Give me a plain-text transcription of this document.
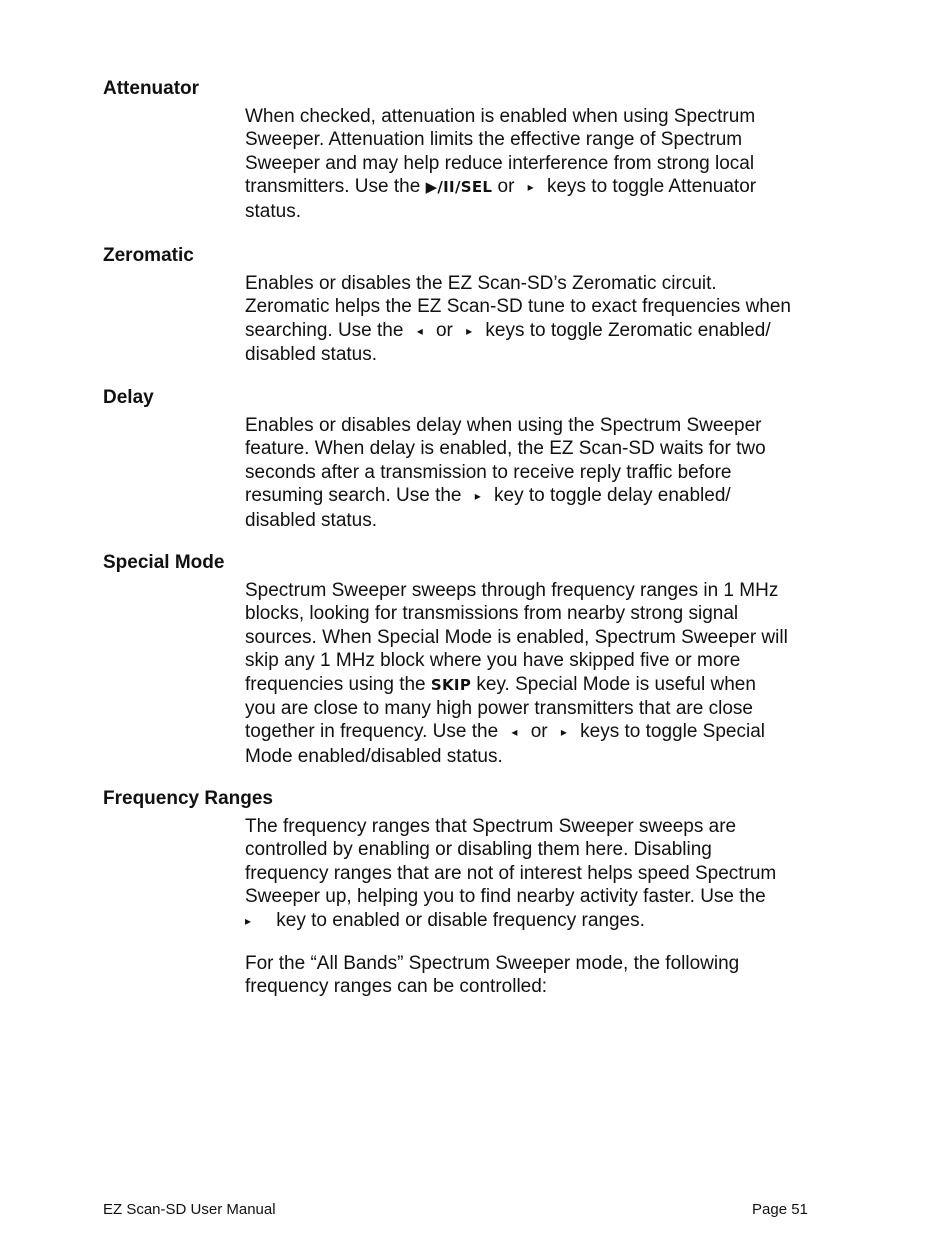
Attenuator
When checked, attenuation is enabled when using Spectrum
Sweeper. Attenuation limits the effective range of Spectrum
Sweeper and may help reduce interference from strong local
transmitters. Use the ▶/II/SEL or ▸ keys to toggle Attenuator
status.
Zeromatic
Enables or disables the EZ Scan-SD’s Zeromatic circuit.
Zeromatic helps the EZ Scan-SD tune to exact frequencies when
searching. Use the ◂ or ▸ keys to toggle Zeromatic enabled/
disabled status.
Delay
Enables or disables delay when using the Spectrum Sweeper
feature. When delay is enabled, the EZ Scan-SD waits for two
seconds after a transmission to receive reply traffic before
resuming search. Use the ▸ key to toggle delay enabled/
disabled status.
Special Mode
Spectrum Sweeper sweeps through frequency ranges in 1 MHz
blocks, looking for transmissions from nearby strong signal
sources. When Special Mode is enabled, Spectrum Sweeper will
skip any 1 MHz block where you have skipped five or more
frequencies using the SKIP key. Special Mode is useful when
you are close to many high power transmitters that are close
together in frequency. Use the ◂ or ▸ keys to toggle Special
Mode enabled/disabled status.
Frequency Ranges
The frequency ranges that Spectrum Sweeper sweeps are
controlled by enabling or disabling them here. Disabling
frequency ranges that are not of interest helps speed Spectrum
Sweeper up, helping you to find nearby activity faster. Use the
▸ key to enabled or disable frequency ranges.
For the “All Bands” Spectrum Sweeper mode, the following
frequency ranges can be controlled:
EZ Scan-SD User Manual	Page 51
